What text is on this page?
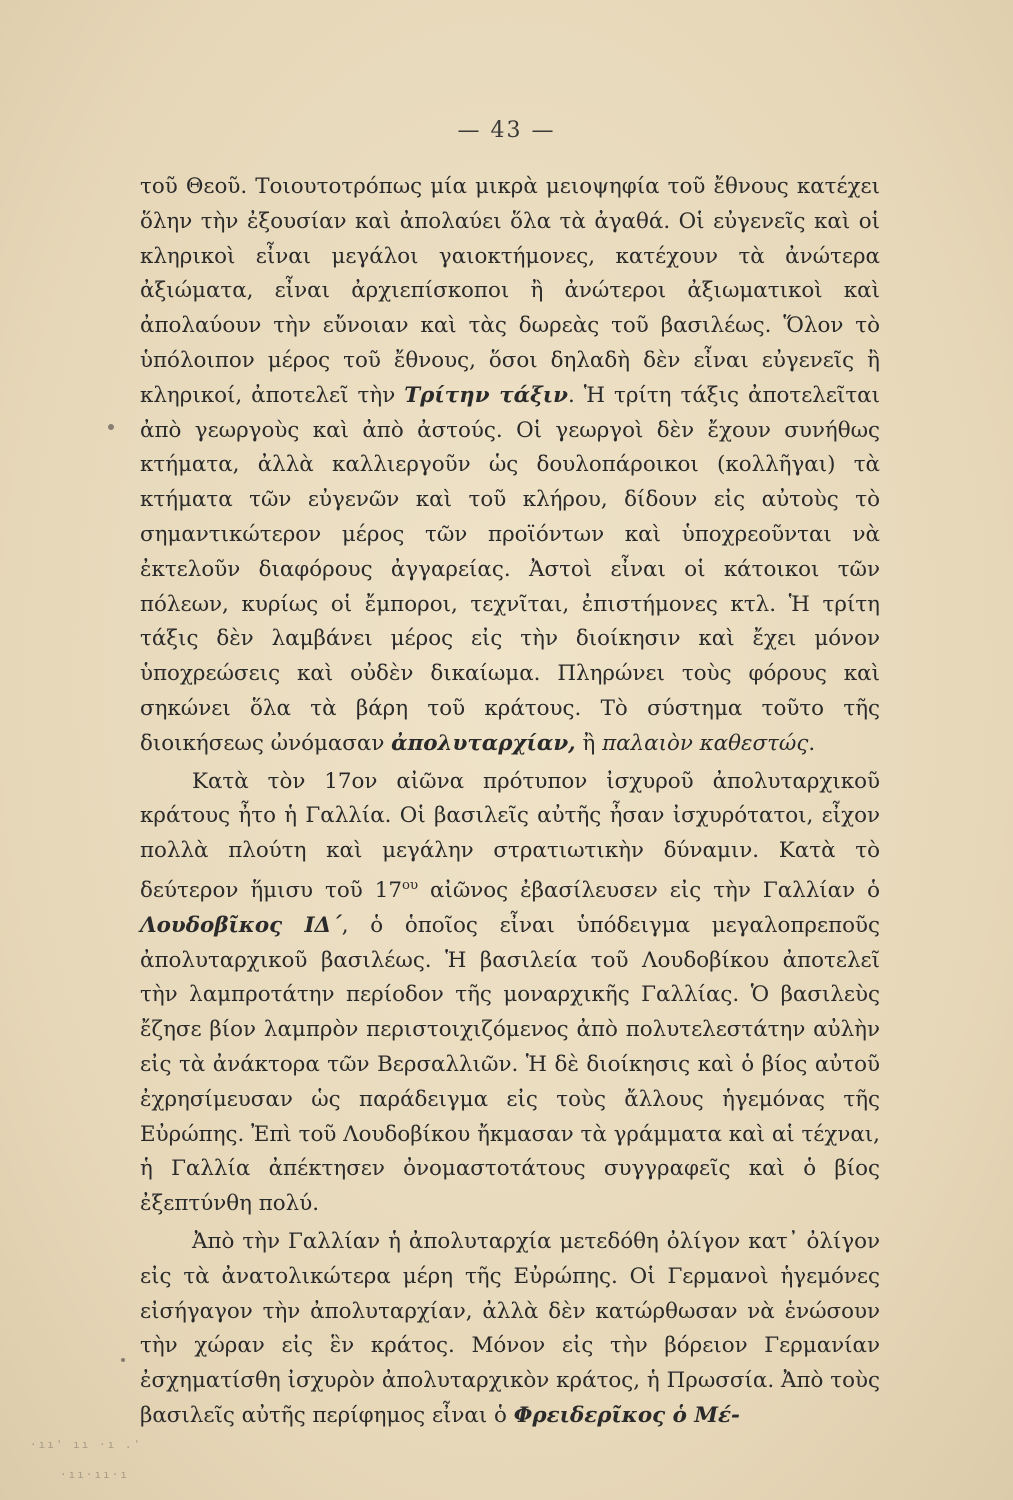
— 43 —

τοῦ Θεοῦ. Τοιουτοτρόπως μία μικρὰ μειοψηφία τοῦ ἔθνους κατέχει ὅλην τὴν ἐξουσίαν καὶ ἀπολαύει ὅλα τὰ ἀγαθά. Οἱ εὐγενεῖς καὶ οἱ κληρικοὶ εἶναι μεγάλοι γαιοκτήμονες, κατέχουν τὰ ἀνώτερα ἀξιώματα, εἶναι ἀρχιεπίσκοποι ἢ ἀνώτεροι ἀξιωματικοὶ καὶ ἀπολαύουν τὴν εὔνοιαν καὶ τὰς δωρεὰς τοῦ βασιλέως. Ὅλον τὸ ὑπόλοιπον μέρος τοῦ ἔθνους, ὅσοι δηλαδὴ δὲν εἶναι εὐγενεῖς ἢ κληρικοί, ἀποτελεῖ τὴν Τρίτην τάξιν. Ἡ τρίτη τάξις ἀποτελεῖται ἀπὸ γεωργοὺς καὶ ἀπὸ ἀστούς. Οἱ γεωργοὶ δὲν ἔχουν συνήθως κτήματα, ἀλλὰ καλλιεργοῦν ὡς δουλοπάροικοι (κολλῆγαι) τὰ κτήματα τῶν εὐγενῶν καὶ τοῦ κλήρου, δίδουν εἰς αὐτοὺς τὸ σημαντικώτερον μέρος τῶν προϊόντων καὶ ὑποχρεοῦνται νὰ ἐκτελοῦν διαφόρους ἀγγαρείας. Ἀστοὶ εἶναι οἱ κάτοικοι τῶν πόλεων, κυρίως οἱ ἔμποροι, τεχνῖται, ἐπιστήμονες κτλ. Ἡ τρίτη τάξις δὲν λαμβάνει μέρος εἰς τὴν διοίκησιν καὶ ἔχει μόνον ὑποχρεώσεις καὶ οὐδὲν δικαίωμα. Πληρώνει τοὺς φόρους καὶ σηκώνει ὅλα τὰ βάρη τοῦ κράτους. Τὸ σύστημα τοῦτο τῆς διοικήσεως ὠνόμασαν ἀπολυταρχίαν, ἢ παλαιὸν καθεστώς.

Κατὰ τὸν 17ον αἰῶνα πρότυπον ἰσχυροῦ ἀπολυταρχικοῦ κράτους ἦτο ἡ Γαλλία. Οἱ βασιλεῖς αὐτῆς ἦσαν ἰσχυρότατοι, εἶχον πολλὰ πλούτη καὶ μεγάλην στρατιωτικὴν δύναμιν. Κατὰ τὸ δεύτερον ἥμισυ τοῦ $17^{o\upsilon}$ αἰῶνος ἐβασίλευσεν εἰς τὴν Γαλλίαν ὁ Λουδοβῖκος ΙΔ΄, ὁ ὁποῖος εἶναι ὑπόδειγμα μεγαλοπρεποῦς ἀπολυταρχικοῦ βασιλέως. Ἡ βασιλεία τοῦ Λουδοβίκου ἀποτελεῖ τὴν λαμπροτάτην περίοδον τῆς μοναρχικῆς Γαλλίας. Ὁ βασιλεὺς ἔζησε βίον λαμπρὸν περιστοιχιζόμενος ἀπὸ πολυτελεστάτην αὐλὴν εἰς τὰ ἀνάκτορα τῶν Βερσαλλιῶν. Ἡ δὲ διοίκησις καὶ ὁ βίος αὐτοῦ ἐχρησίμευσαν ὡς παράδειγμα εἰς τοὺς ἄλλους ἡγεμόνας τῆς Εὐρώπης. Ἐπὶ τοῦ Λουδοβίκου ἤκμασαν τὰ γράμματα καὶ αἱ τέχναι, ἡ Γαλλία ἀπέκτησεν ὀνομαστοτάτους συγγραφεῖς καὶ ὁ βίος ἐξεπτύνθη πολύ.

Ἀπὸ τὴν Γαλλίαν ἡ ἀπολυταρχία μετεδόθη ὀλίγον κατ᾿ ὀλίγον εἰς τὰ ἀνατολικώτερα μέρη τῆς Εὐρώπης. Οἱ Γερμανοὶ ἡγεμόνες εἰσήγαγον τὴν ἀπολυταρχίαν, ἀλλὰ δὲν κατώρθωσαν νὰ ἑνώσουν τὴν χώραν εἰς ἓν κράτος. Μόνον εἰς τὴν βόρειον Γερμανίαν ἐσχηματίσθη ἰσχυρὸν ἀπολυταρχικὸν κράτος, ἡ Πρωσσία. Ἀπὸ τοὺς βασιλεῖς αὐτῆς περίφημος εἶναι ὁ Φρειδερῖκος ὁ Μέ-

·ıı' ıı ·ı .'
·ıı·ıı·ı
